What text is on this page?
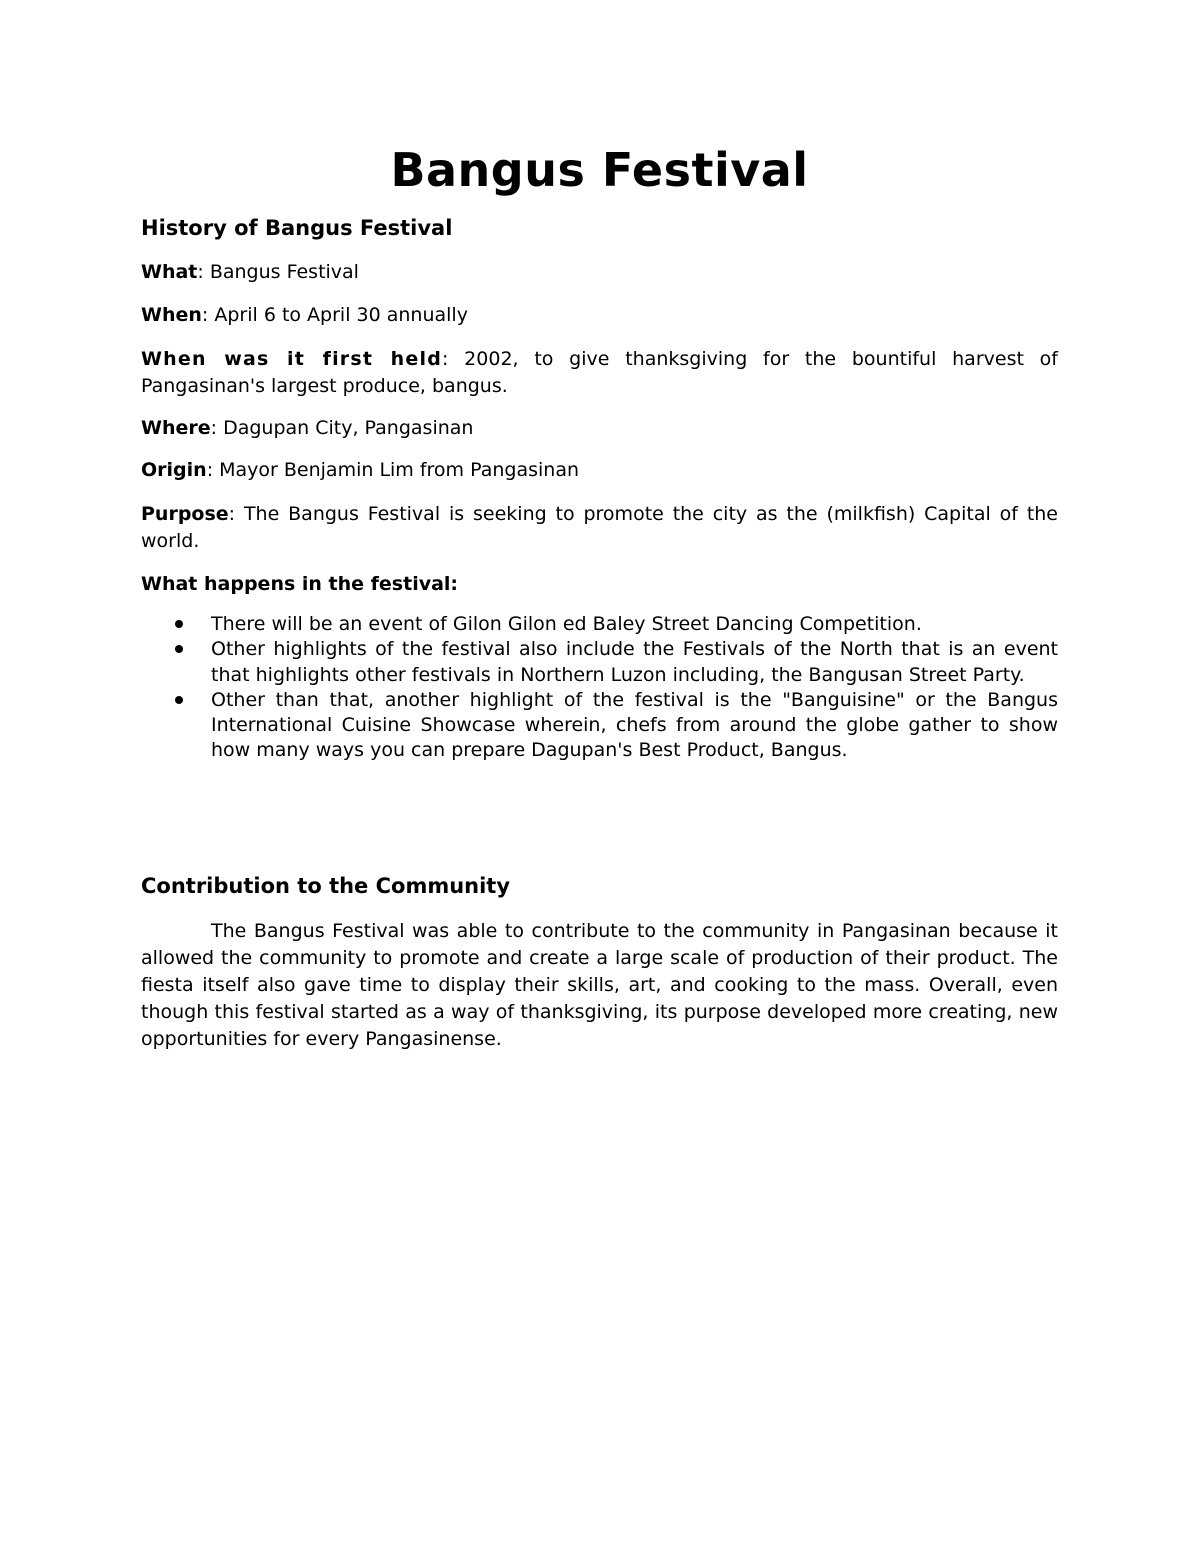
Bangus Festival
History of Bangus Festival

What: Bangus Festival

When: April 6 to April 30 annually

When was it first held: 2002, to give thanksgiving for the bountiful harvest of Pangasinan's largest produce, bangus.

Where: Dagupan City, Pangasinan

Origin: Mayor Benjamin Lim from Pangasinan

Purpose: The Bangus Festival is seeking to promote the city as the (milkfish) Capital of the world.

What happens in the festival:

There will be an event of Gilon Gilon ed Baley Street Dancing Competition.
Other highlights of the festival also include the Festivals of the North that is an event that highlights other festivals in Northern Luzon including, the Bangusan Street Party.
Other than that, another highlight of the festival is the "Banguisine" or the Bangus International Cuisine Showcase wherein, chefs from around the globe gather to show how many ways you can prepare Dagupan's Best Product, Bangus.
Contribution to the Community

The Bangus Festival was able to contribute to the community in Pangasinan because it allowed the community to promote and create a large scale of production of their product. The fiesta itself also gave time to display their skills, art, and cooking to the mass. Overall, even though this festival started as a way of thanksgiving, its purpose developed more creating, new opportunities for every Pangasinense.
